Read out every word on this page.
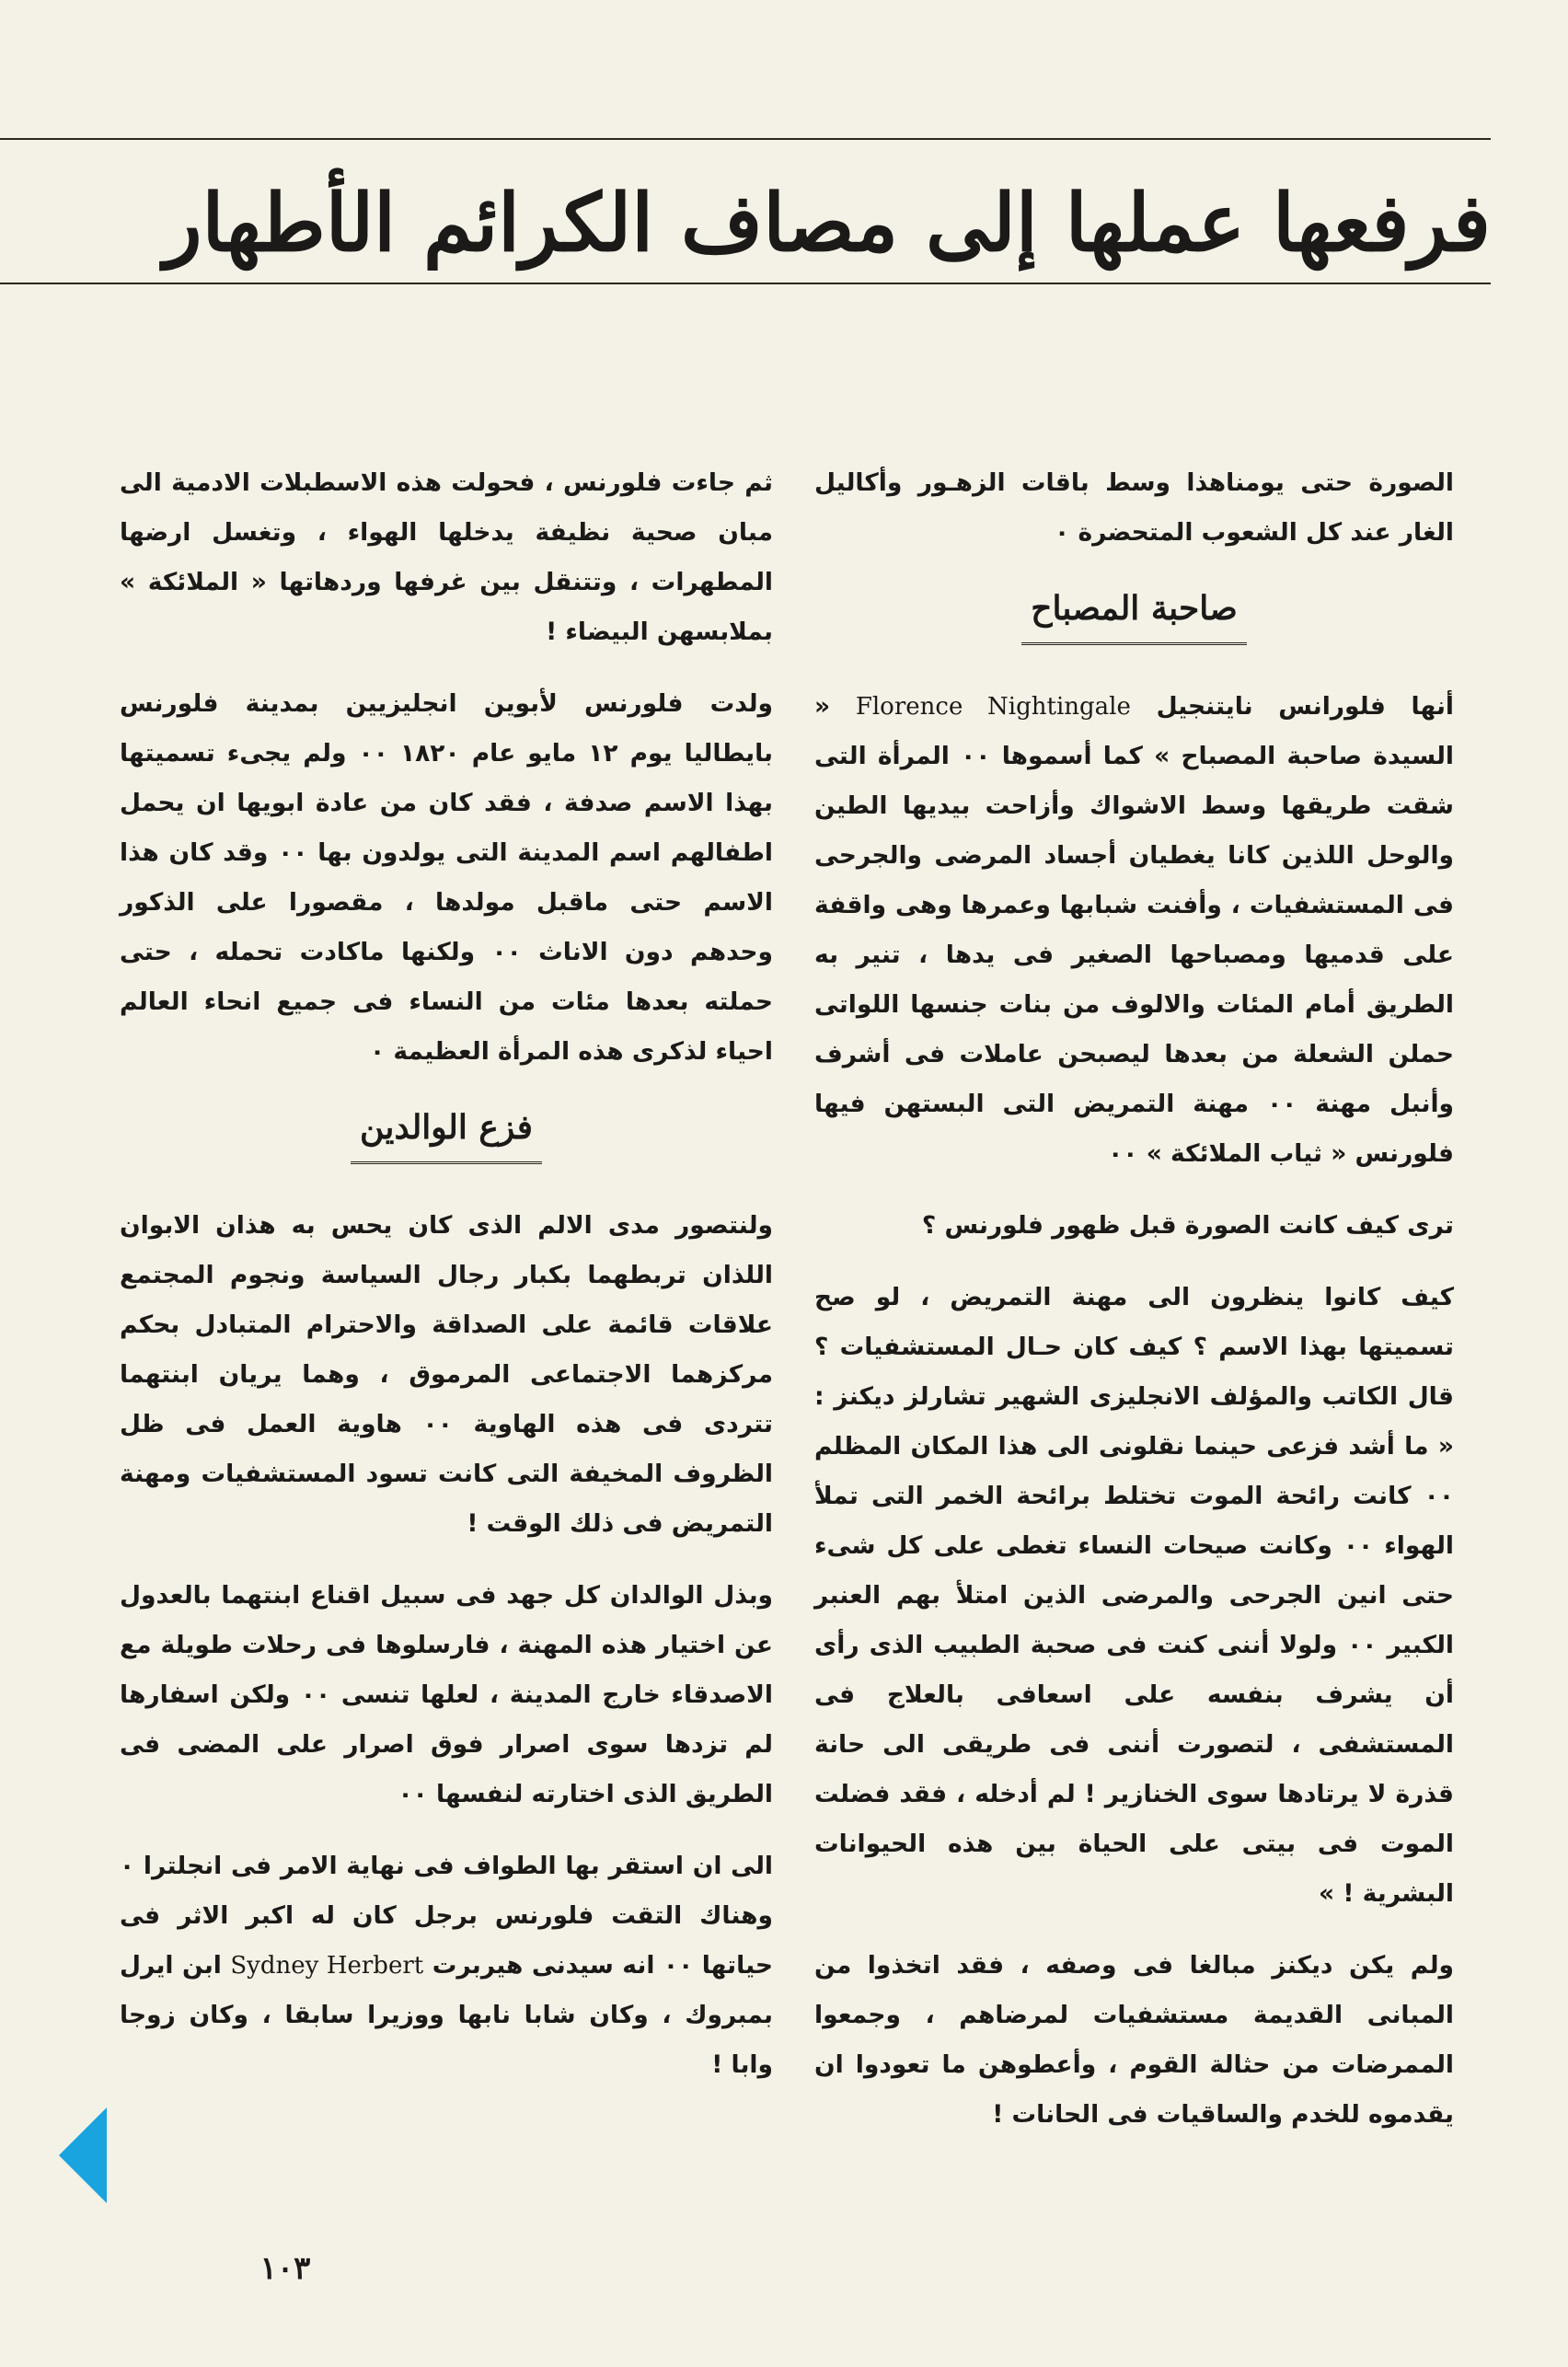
فرفعها عملها إلى مصاف الكرائم الأطهار

الصورة حتى يومناهذا وسط باقات الزهـور وأكاليل الغار عند كل الشعوب المتحضرة ٠

صاحبة المصباح

أنها فلورانس نايتنجيل Florence Nightingale « السيدة صاحبة المصباح » كما أسموها ٠٠ المرأة التى شقت طريقها وسط الاشواك وأزاحت بيديها الطين والوحل اللذين كانا يغطيان أجساد المرضى والجرحى فى المستشفيات ، وأفنت شبابها وعمرها وهى واقفة على قدميها ومصباحها الصغير فى يدها ، تنير به الطريق أمام المئات والالوف من بنات جنسها اللواتى حملن الشعلة من بعدها ليصبحن عاملات فى أشرف وأنبل مهنة ٠٠ مهنة التمريض التى البستهن فيها فلورنس « ثياب الملائكة » ٠٠

ترى كيف كانت الصورة قبل ظهور فلورنس ؟

كيف كانوا ينظرون الى مهنة التمريض ، لو صح تسميتها بهذا الاسم ؟ كيف كان حـال المستشفيات ؟ قال الكاتب والمؤلف الانجليزى الشهير تشارلز ديكنز : « ما أشد فزعى حينما نقلونى الى هذا المكان المظلم ٠٠ كانت رائحة الموت تختلط برائحة الخمر التى تملأ الهواء ٠٠ وكانت صيحات النساء تغطى على كل شىء حتى انين الجرحى والمرضى الذين امتلأ بهم العنبر الكبير ٠٠ ولولا أننى كنت فى صحبة الطبيب الذى رأى أن يشرف بنفسه على اسعافى بالعلاج فى المستشفى ، لتصورت أننى فى طريقى الى حانة قذرة لا يرتادها سوى الخنازير ! لم أدخله ، فقد فضلت الموت فى بيتى على الحياة بين هذه الحيوانات البشرية ! »

ولم يكن ديكنز مبالغا فى وصفه ، فقد اتخذوا من المبانى القديمة مستشفيات لمرضاهم ، وجمعوا الممرضات من حثالة القوم ، وأعطوهن ما تعودوا ان يقدموه للخدم والساقيات فى الحانات !

ثم جاءت فلورنس ، فحولت هذه الاسطبلات الادمية الى مبان صحية نظيفة يدخلها الهواء ، وتغسل ارضها المطهرات ، وتتنقل بين غرفها وردهاتها « الملائكة » بملابسهن البيضاء !

ولدت فلورنس لأبوين انجليزيين بمدينة فلورنس بايطاليا يوم ١٢ مايو عام ١٨٢٠ ٠٠ ولم يجىء تسميتها بهذا الاسم صدفة ، فقد كان من عادة ابويها ان يحمل اطفالهم اسم المدينة التى يولدون بها ٠٠ وقد كان هذا الاسم حتى ماقبل مولدها ، مقصورا على الذكور وحدهم دون الاناث ٠٠ ولكنها ماكادت تحمله ، حتى حملته بعدها مئات من النساء فى جميع انحاء العالم احياء لذكرى هذه المرأة العظيمة ٠

فزع الوالدين

ولنتصور مدى الالم الذى كان يحس به هذان الابوان اللذان تربطهما بكبار رجال السياسة ونجوم المجتمع علاقات قائمة على الصداقة والاحترام المتبادل بحكم مركزهما الاجتماعى المرموق ، وهما يريان ابنتهما تتردى فى هذه الهاوية ٠٠ هاوية العمل فى ظل الظروف المخيفة التى كانت تسود المستشفيات ومهنة التمريض فى ذلك الوقت !

وبذل الوالدان كل جهد فى سبيل اقناع ابنتهما بالعدول عن اختيار هذه المهنة ، فارسلوها فى رحلات طويلة مع الاصدقاء خارج المدينة ، لعلها تنسى ٠٠ ولكن اسفارها لم تزدها سوى اصرار فوق اصرار على المضى فى الطريق الذى اختارته لنفسها ٠٠

الى ان استقر بها الطواف فى نهاية الامر فى انجلترا ٠ وهناك التقت فلورنس برجل كان له اكبر الاثر فى حياتها ٠٠ انه سيدنى هيربرت Sydney Herbert ابن ايرل بمبروك ، وكان شابا نابها ووزيرا سابقا ، وكان زوجا وابا !

١٠٣
